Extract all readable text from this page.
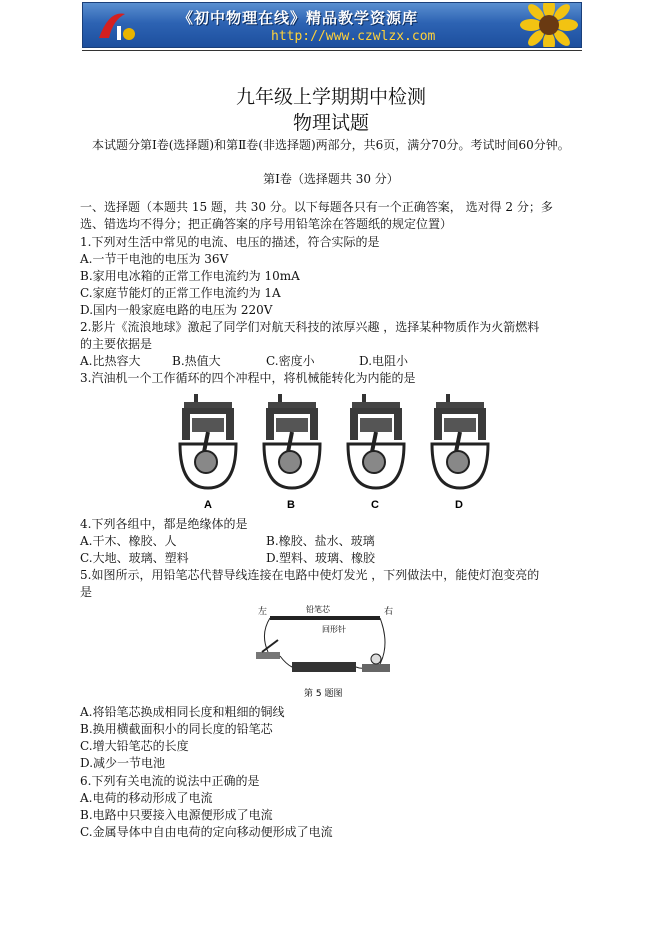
《初中物理在线》精品教学资源库
http://www.czwlzx.com
九年级上学期期中检测
物理试题
本试题分第Ⅰ卷(选择题)和第Ⅱ卷(非选择题)两部分，共6页，满分70分。考试时间60分钟。
第Ⅰ卷（选择题共 30 分）
一、选择题（本题共 15 题，共 30 分。以下每题各只有一个正确答案， 选对得 2 分；多
选、错选均不得分；把正确答案的序号用铅笔涂在答题纸的规定位置）
1.下列对生活中常见的电流、电压的描述，符合实际的是
A.一节干电池的电压为 36V
B.家用电冰箱的正常工作电流约为 10mA
C.家庭节能灯的正常工作电流约为 1A
D.国内一般家庭电路的电压为 220V
2.影片《流浪地球》激起了同学们对航天科技的浓厚兴趣 ，选择某种物质作为火箭燃料
的主要依据是
A.比热容大	B.热值大	C.密度小	D.电阻小
3.汽油机一个工作循环的四个冲程中，将机械能转化为内能的是
A	B	C	D
4.下列各组中，都是绝缘体的是
A.干木、橡胶、人	B.橡胶、盐水、玻璃
C.大地、玻璃、塑料	D.塑料、玻璃、橡胶
5.如图所示，用铅笔芯代替导线连接在电路中使灯发光 ，下列做法中，能使灯泡变亮的
是
左	右
铅笔芯
回形针
第 5 题图
A.将铅笔芯换成相同长度和粗细的铜线
B.换用横截面积小的同长度的铅笔芯
C.增大铅笔芯的长度
D.减少一节电池
6.下列有关电流的说法中正确的是
A.电荷的移动形成了电流
B.电路中只要接入电源便形成了电流
C.金属导体中自由电荷的定向移动便形成了电流
